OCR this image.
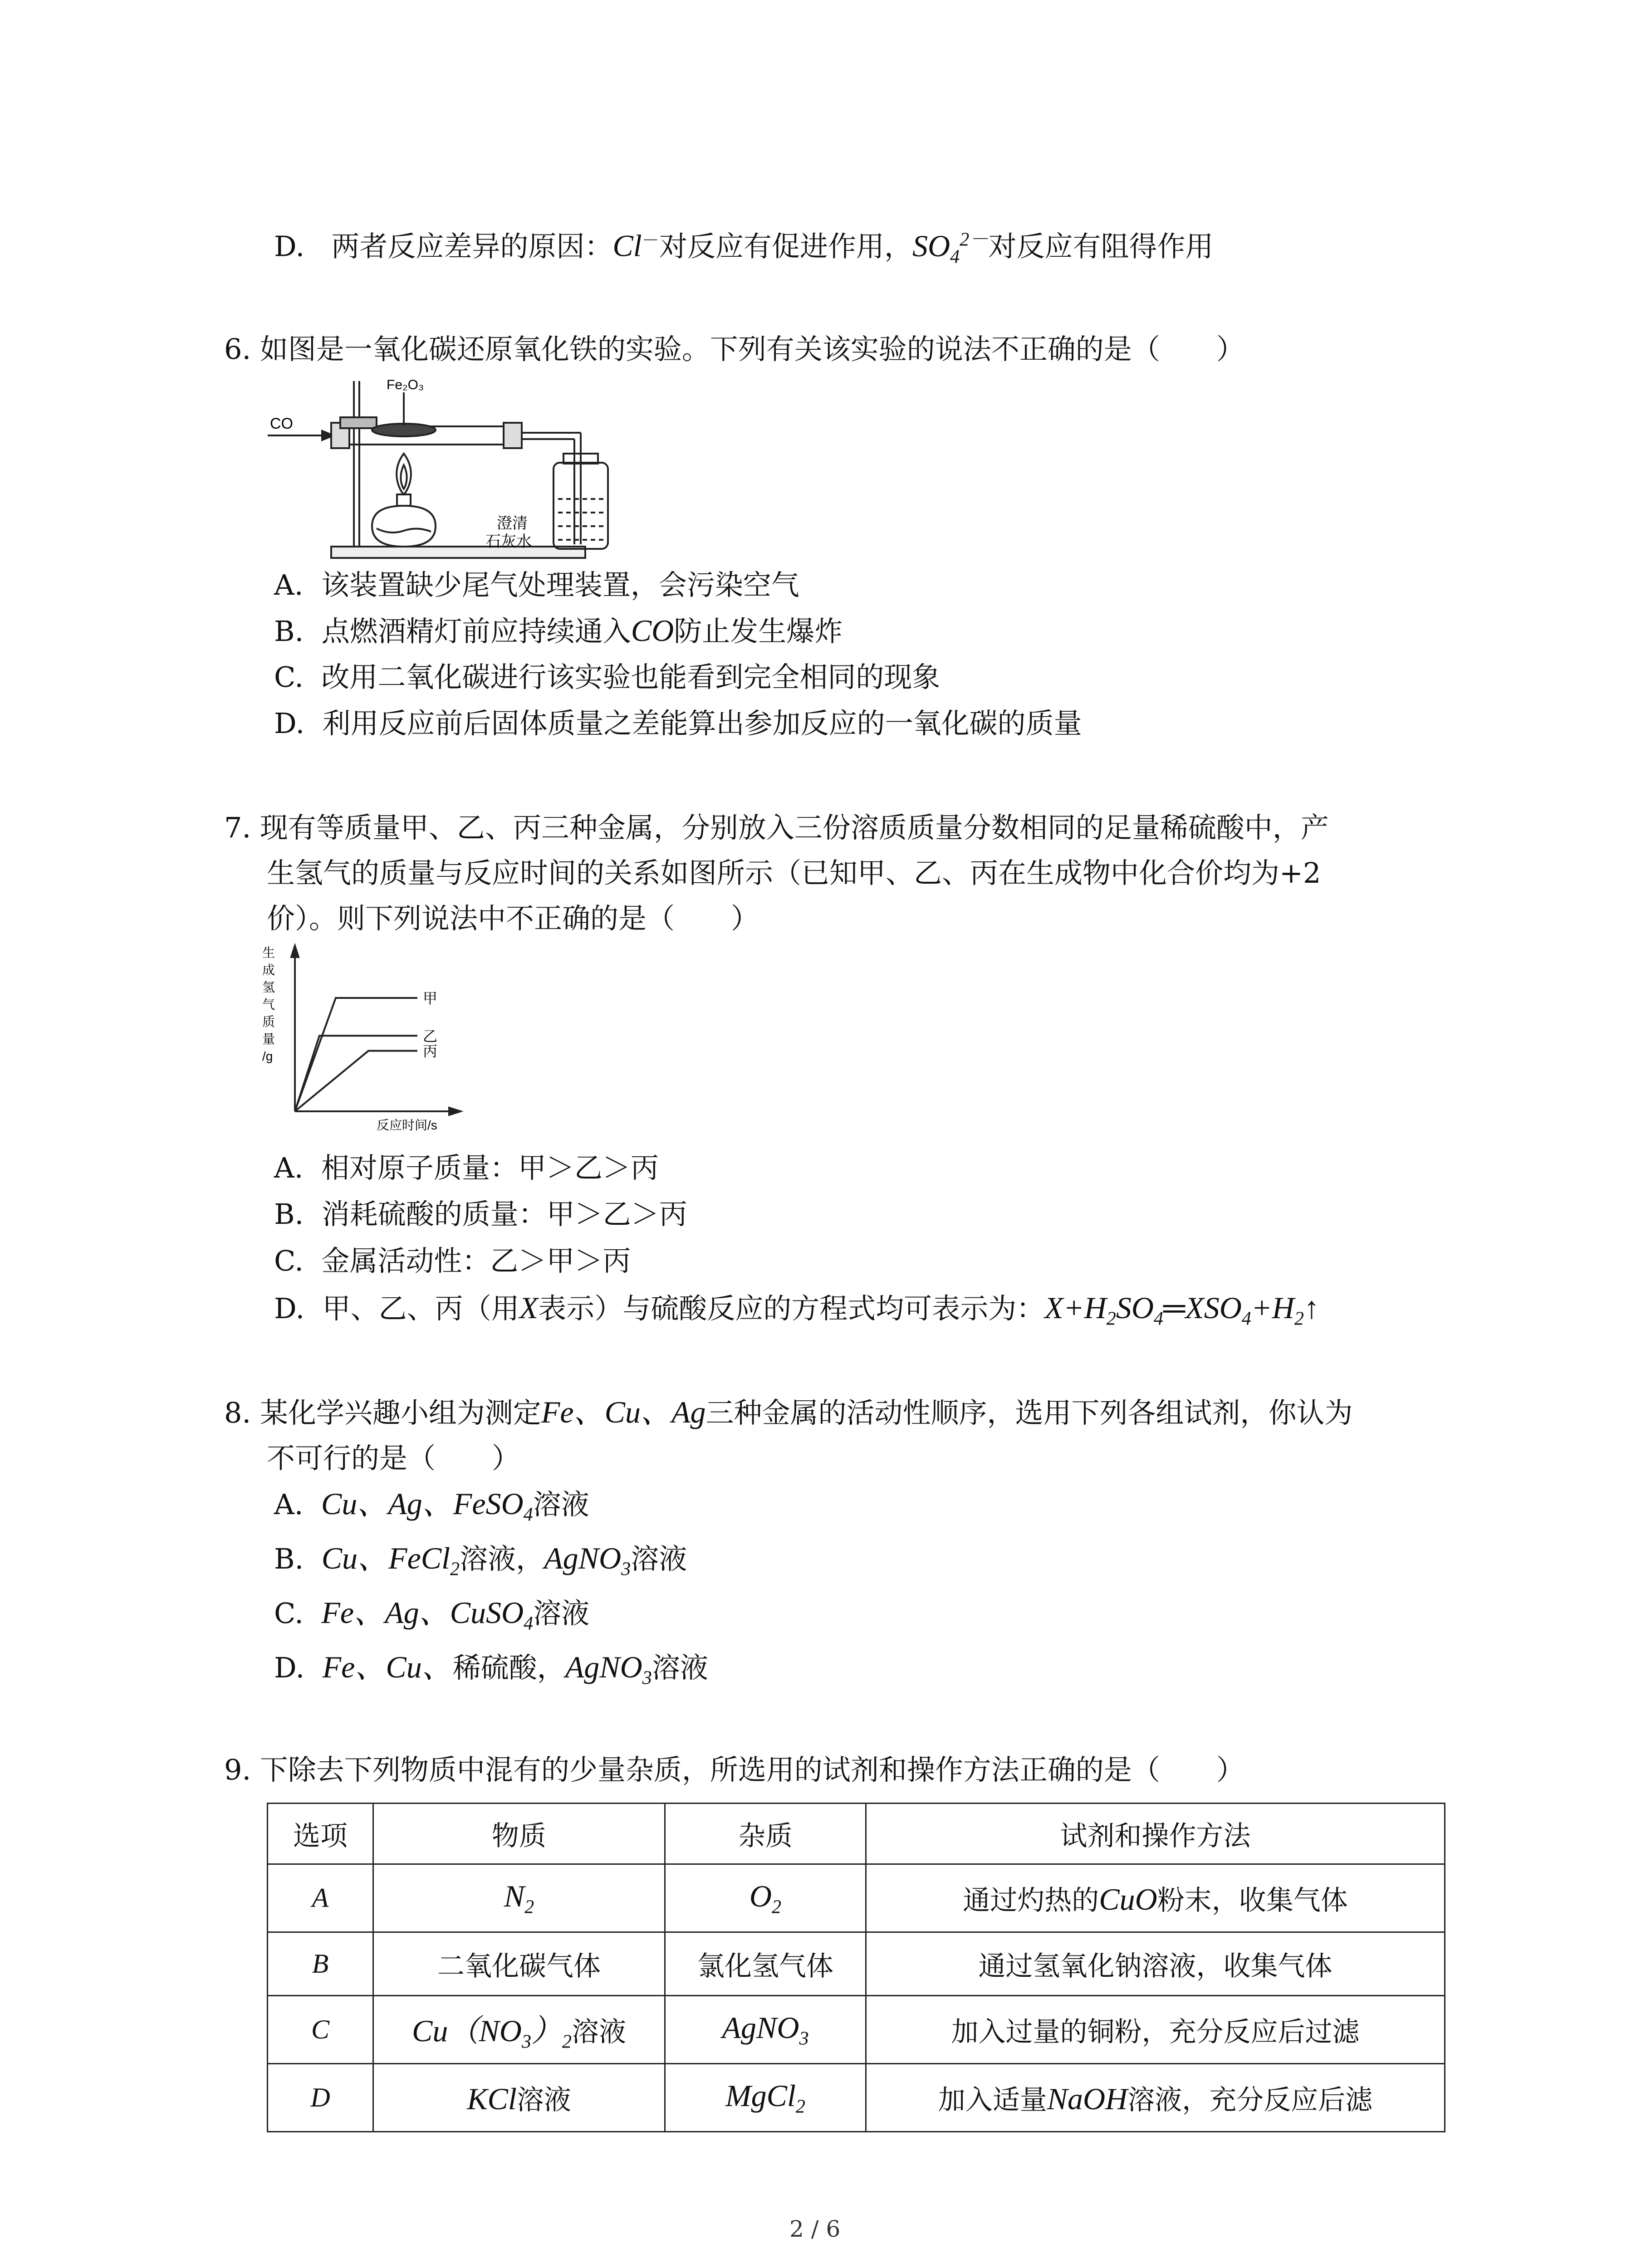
D. 两者反应差异的原因：Cl－对反应有促进作用，$SO_4^{2-}$对反应有阻得作用
6. 如图是一氧化碳还原氧化铁的实验。下列有关该实验的说法不正确的是（　　）
CO
Fe₂O₃
澄清
石灰水
A. 该装置缺少尾气处理装置，会污染空气
B. 点燃酒精灯前应持续通入CO防止发生爆炸
C. 改用二氧化碳进行该实验也能看到完全相同的现象
D. 利用反应前后固体质量之差能算出参加反应的一氧化碳的质量
7. 现有等质量甲、乙、丙三种金属，分别放入三份溶质质量分数相同的足量稀硫酸中，产
生氢气的质量与反应时间的关系如图所示（已知甲、乙、丙在生成物中化合价均为+2
价）。则下列说法中不正确的是（　　）
甲
乙
丙
生
成
氢
气
质
量
/g
反应时间/s
A. 相对原子质量：甲＞乙＞丙
B. 消耗硫酸的质量：甲＞乙＞丙
C. 金属活动性：乙＞甲＞丙
D. 甲、乙、丙（用X表示）与硫酸反应的方程式均可表示为：$X+H_2SO_4═XSO_4+H_2↑$
8. 某化学兴趣小组为测定Fe、Cu、Ag三种金属的活动性顺序，选用下列各组试剂，你认为
不可行的是（　　）
A. Cu、Ag、FeSO$_4$溶液
B. Cu、FeCl$_2$溶液，AgNO$_3$溶液
C. Fe、Ag、CuSO$_4$溶液
D. Fe、Cu、稀硫酸，AgNO$_3$溶液
9. 下除去下列物质中混有的少量杂质，所选用的试剂和操作方法正确的是（　　）
选项	物质	杂质	试剂和操作方法
A	$N_2$	$O_2$	通过灼热的CuO粉末，收集气体
B	二氧化碳气体	氯化氢气体	通过氢氧化钠溶液，收集气体
C	$Cu(NO_3)_2$溶液	AgNO$_3$	加入过量的铜粉，充分反应后过滤
D	KCl溶液	MgCl$_2$	加入适量NaOH溶液，充分反应后滤
2 / 6
